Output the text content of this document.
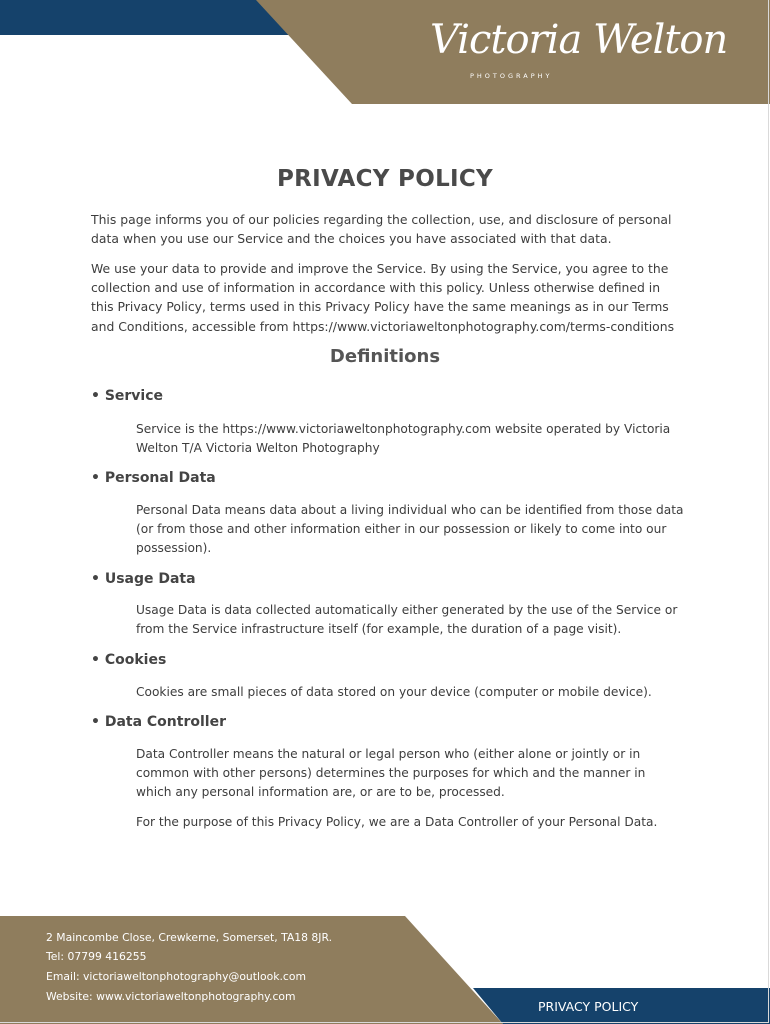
Victoria Welton
PHOTOGRAPHY
PRIVACY POLICY

This page informs you of our policies regarding the collection, use, and disclosure of personal data when you use our Service and the choices you have associated with that data.

We use your data to provide and improve the Service. By using the Service, you agree to the collection and use of information in accordance with this policy. Unless otherwise defined in this Privacy Policy, terms used in this Privacy Policy have the same meanings as in our Terms and Conditions, accessible from https://www.victoriaweltonphotography.com/terms-conditions

Definitions
• Service

Service is the https://www.victoriaweltonphotography.com website operated by Victoria Welton T/A Victoria Welton Photography

• Personal Data

Personal Data means data about a living individual who can be identified from those data (or from those and other information either in our possession or likely to come into our possession).

• Usage Data

Usage Data is data collected automatically either generated by the use of the Service or from the Service infrastructure itself (for example, the duration of a page visit).

• Cookies

Cookies are small pieces of data stored on your device (computer or mobile device).

• Data Controller

Data Controller means the natural or legal person who (either alone or jointly or in common with other persons) determines the purposes for which and the manner in which any personal information are, or are to be, processed.

For the purpose of this Privacy Policy, we are a Data Controller of your Personal Data.

2 Maincombe Close, Crewkerne, Somerset, TA18 8JR.
Tel: 07799 416255
Email: victoriaweltonphotography@outlook.com
Website: www.victoriaweltonphotography.com
PRIVACY POLICY
